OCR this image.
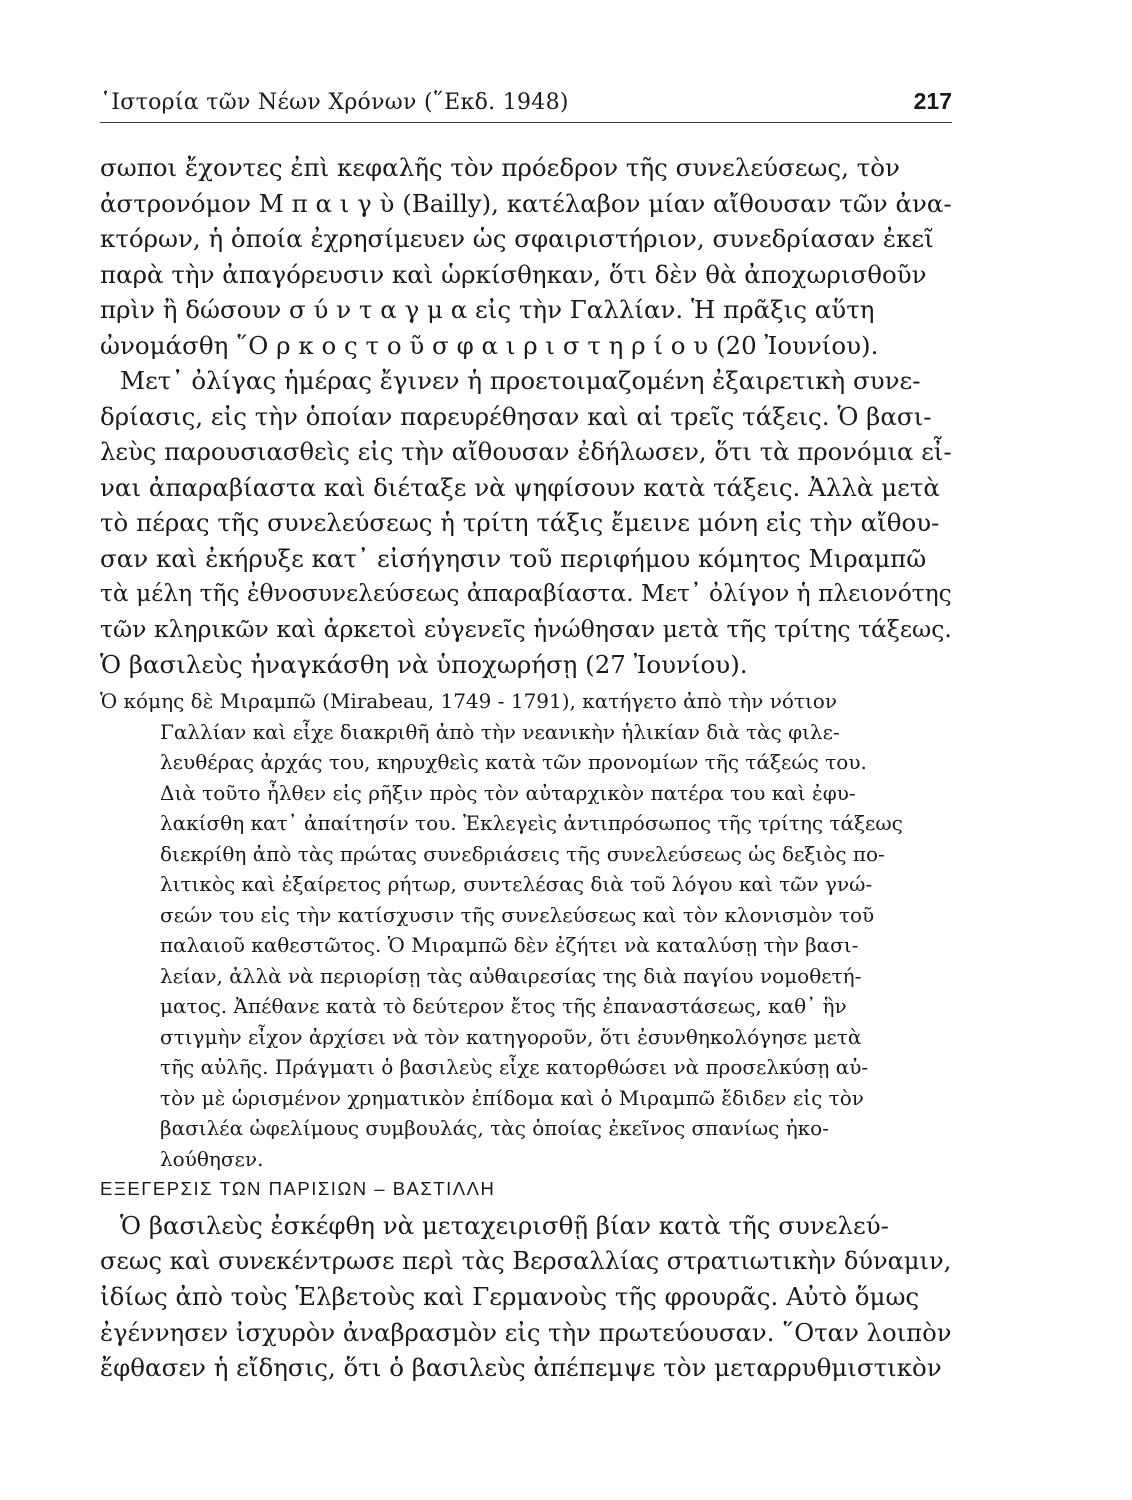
῾Ιστορία τῶν Νέων Χρόνων (῞Εκδ. 1948)	217
σωποι ἔχοντες ἐπὶ κεφαλῆς τὸν πρόεδρον τῆς συνελεύσεως, τὸν
ἀστρονόμον Μ π α ι γ ὺ (Bailly), κατέλαβον μίαν αἴθουσαν τῶν ἀνα-
κτόρων, ἡ ὁποία ἐχρησίμευεν ὡς σφαιριστήριον, συνεδρίασαν ἐκεῖ
παρὰ τὴν ἀπαγόρευσιν καὶ ὡρκίσθηκαν, ὅτι δὲν θὰ ἀποχωρισθοῦν
πρὶν ἢ δώσουν σ ύ ν τ α γ μ α εἰς τὴν Γαλλίαν. Ἡ πρᾶξις αὕτη
ὠνομάσθη ῞Ο ρ κ ο ς τ ο ῦ σ φ α ι ρ ι σ τ η ρ ί ο υ (20 Ἰουνίου).
Μετ᾿ ὀλίγας ἡμέρας ἔγινεν ἡ προετοιμαζομένη ἐξαιρετικὴ συνε-
δρίασις, εἰς τὴν ὁποίαν παρευρέθησαν καὶ αἱ τρεῖς τάξεις. Ὁ βασι-
λεὺς παρουσιασθεὶς εἰς τὴν αἴθουσαν ἐδήλωσεν, ὅτι τὰ προνόμια εἶ-
ναι ἀπαραβίαστα καὶ διέταξε νὰ ψηφίσουν κατὰ τάξεις. Ἀλλὰ μετὰ
τὸ πέρας τῆς συνελεύσεως ἡ τρίτη τάξις ἔμεινε μόνη εἰς τὴν αἴθου-
σαν καὶ ἐκήρυξε κατ᾿ εἰσήγησιν τοῦ περιφήμου κόμητος Μιραμπῶ
τὰ μέλη τῆς ἐθνοσυνελεύσεως ἀπαραβίαστα. Μετ᾿ ὀλίγον ἡ πλειονότης
τῶν κληρικῶν καὶ ἀρκετοὶ εὐγενεῖς ἡνώθησαν μετὰ τῆς τρίτης τάξεως.
Ὁ βασιλεὺς ἠναγκάσθη νὰ ὑποχωρήσῃ (27 Ἰουνίου).
Ὁ κόμης δὲ Μιραμπῶ (Mirabeau, 1749 - 1791), κατήγετο ἀπὸ τὴν νότιον
Γαλλίαν καὶ εἶχε διακριθῆ ἀπὸ τὴν νεανικὴν ἡλικίαν διὰ τὰς φιλε-
λευθέρας ἀρχάς του, κηρυχθεὶς κατὰ τῶν προνομίων τῆς τάξεώς του.
Διὰ τοῦτο ἦλθεν εἰς ρῆξιν πρὸς τὸν αὐταρχικὸν πατέρα του καὶ ἐφυ-
λακίσθη κατ᾿ ἀπαίτησίν του. Ἐκλεγεὶς ἀντιπρόσωπος τῆς τρίτης τάξεως
διεκρίθη ἀπὸ τὰς πρώτας συνεδριάσεις τῆς συνελεύσεως ὡς δεξιὸς πο-
λιτικὸς καὶ ἐξαίρετος ρήτωρ, συντελέσας διὰ τοῦ λόγου καὶ τῶν γνώ-
σεών του εἰς τὴν κατίσχυσιν τῆς συνελεύσεως καὶ τὸν κλονισμὸν τοῦ
παλαιοῦ καθεστῶτος. Ὁ Μιραμπῶ δὲν ἐζήτει νὰ καταλύσῃ τὴν βασι-
λείαν, ἀλλὰ νὰ περιορίσῃ τὰς αὐθαιρεσίας της διὰ παγίου νομοθετή-
ματος. Ἀπέθανε κατὰ τὸ δεύτερον ἔτος τῆς ἐπαναστάσεως, καθ᾿ ἣν
στιγμὴν εἶχον ἀρχίσει νὰ τὸν κατηγοροῦν, ὅτι ἐσυνθηκολόγησε μετὰ
τῆς αὐλῆς. Πράγματι ὁ βασιλεὺς εἶχε κατορθώσει νὰ προσελκύσῃ αὐ-
τὸν μὲ ὡρισμένον χρηματικὸν ἐπίδομα καὶ ὁ Μιραμπῶ ἔδιδεν εἰς τὸν
βασιλέα ὠφελίμους συμβουλάς, τὰς ὁποίας ἐκεῖνος σπανίως ἠκο-
λούθησεν.
ΕΞΕΓΕΡΣΙΣ ΤΩΝ ΠΑΡΙΣΙΩΝ – ΒΑΣΤΙΛΛΗ
Ὁ βασιλεὺς ἐσκέφθη νὰ μεταχειρισθῇ βίαν κατὰ τῆς συνελεύ-
σεως καὶ συνεκέντρωσε περὶ τὰς Βερσαλλίας στρατιωτικὴν δύναμιν,
ἰδίως ἀπὸ τοὺς Ἑλβετοὺς καὶ Γερμανοὺς τῆς φρουρᾶς. Αὐτὸ ὅμως
ἐγέννησεν ἰσχυρὸν ἀναβρασμὸν εἰς τὴν πρωτεύουσαν. ῞Οταν λοιπὸν
ἔφθασεν ἡ εἴδησις, ὅτι ὁ βασιλεὺς ἀπέπεμψε τὸν μεταρρυθμιστικὸν
